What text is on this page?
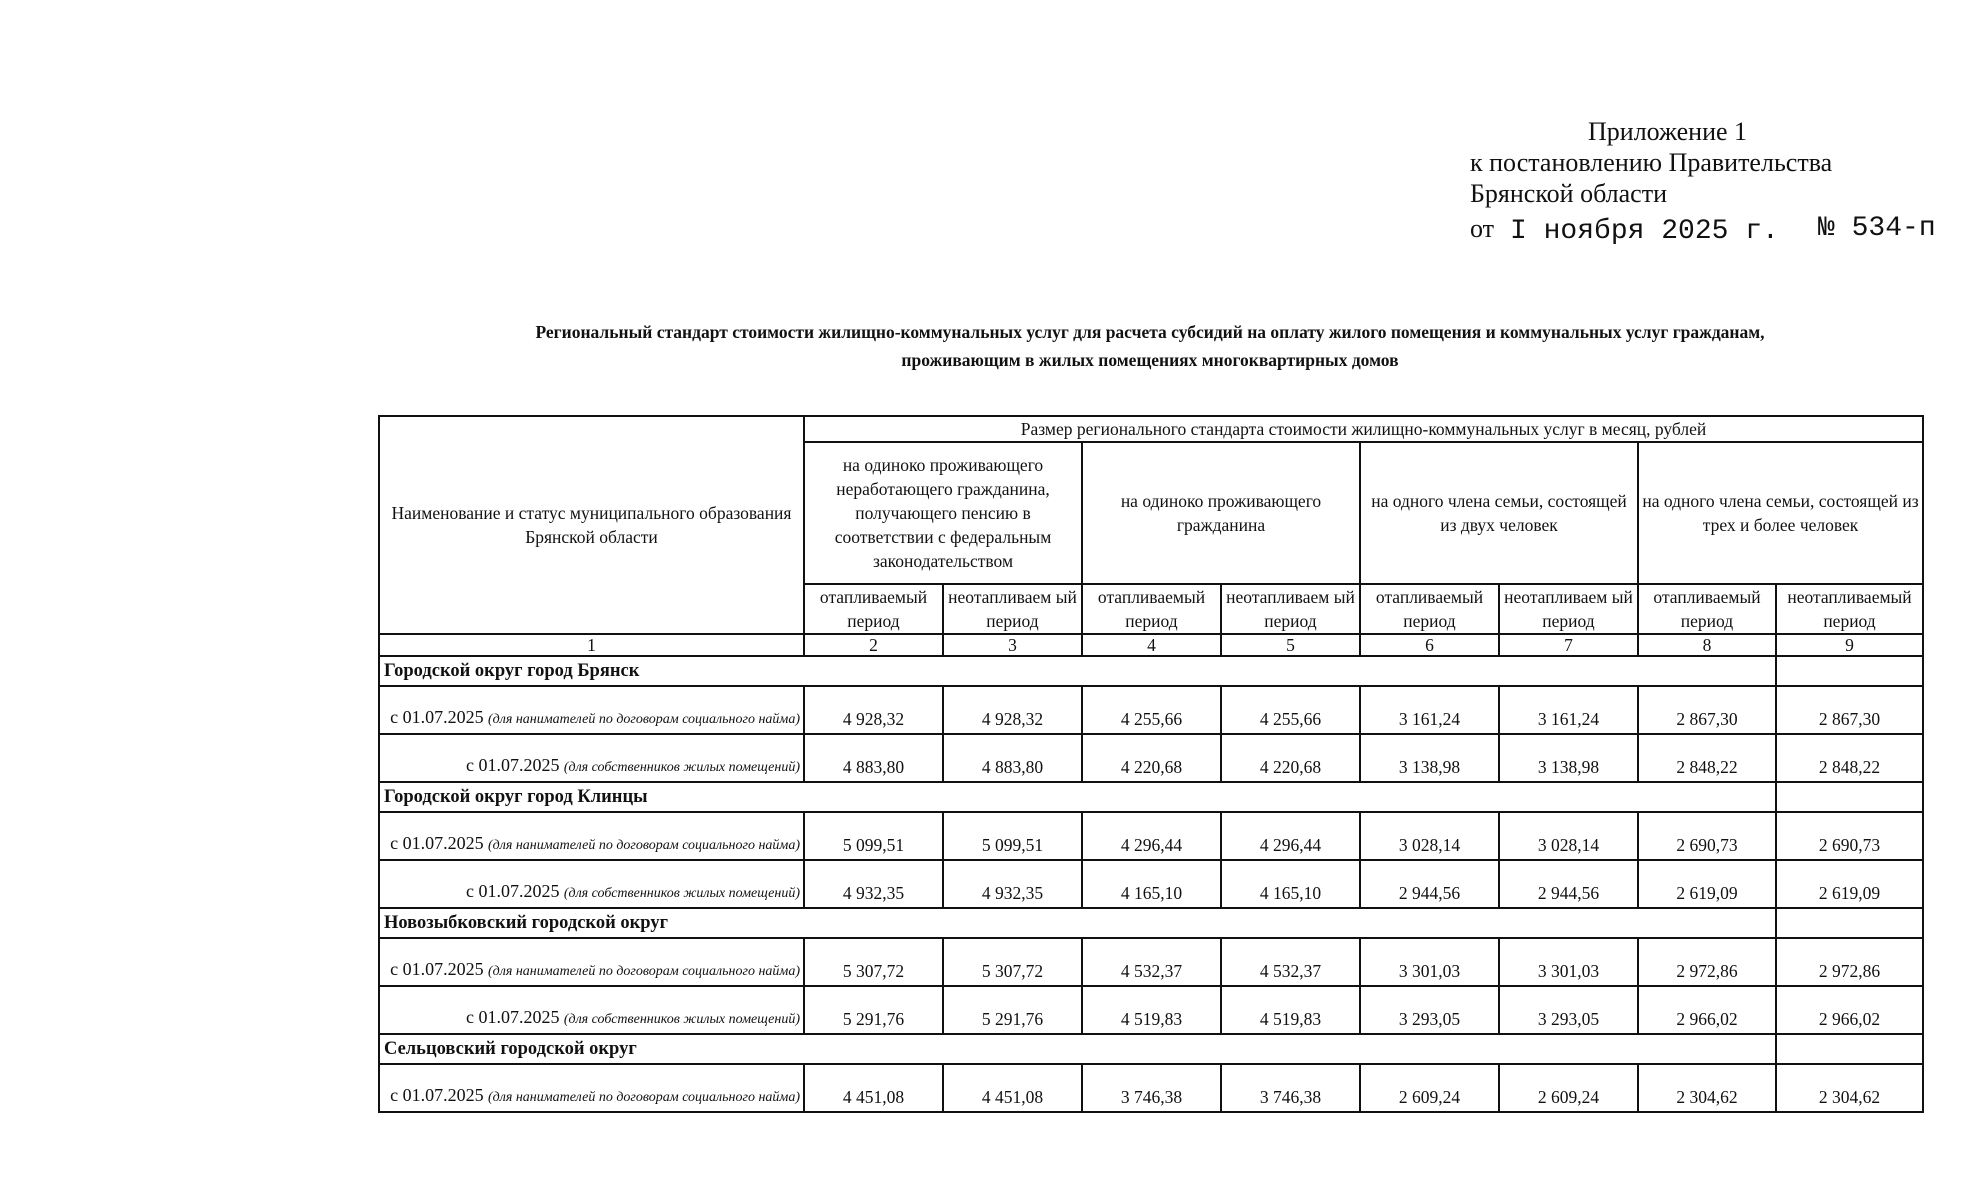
Приложение 1
к постановлению Правительства
Брянской области
от I ноября 2025 г. № 534-п
Региональный стандарт стоимости жилищно-коммунальных услуг для расчета субсидий на оплату жилого помещения и коммунальных услуг гражданам,
проживающим в жилых помещениях многоквартирных домов
Наименование и статус муниципального образования Брянской области	Размер регионального стандарта стоимости жилищно-коммунальных услуг в месяц, рублей							
	на одиноко проживающего неработающего гражданина, получающего пенсию в соответствии с федеральным законодательством		на одиноко проживающего гражданина		на одного члена семьи, состоящей из двух человек		на одного члена семьи, состоящей из трех и более человек	
	отапливаемый период	неотапливаем ый период	отапливаемый период	неотапливаем ый период	отапливаемый период	неотапливаем ый период	отапливаемый период	неотапливаемый период
1	2	3	4	5	6	7	8	9
Городской округ город Брянск								
с 01.07.2025 (для нанимателей по договорам социального найма)	4 928,32	4 928,32	4 255,66	4 255,66	3 161,24	3 161,24	2 867,30	2 867,30
с 01.07.2025 (для собственников жилых помещений)	4 883,80	4 883,80	4 220,68	4 220,68	3 138,98	3 138,98	2 848,22	2 848,22
Городской округ город Клинцы								
с 01.07.2025 (для нанимателей по договорам социального найма)	5 099,51	5 099,51	4 296,44	4 296,44	3 028,14	3 028,14	2 690,73	2 690,73
с 01.07.2025 (для собственников жилых помещений)	4 932,35	4 932,35	4 165,10	4 165,10	2 944,56	2 944,56	2 619,09	2 619,09
Новозыбковский городской округ								
с 01.07.2025 (для нанимателей по договорам социального найма)	5 307,72	5 307,72	4 532,37	4 532,37	3 301,03	3 301,03	2 972,86	2 972,86
с 01.07.2025 (для собственников жилых помещений)	5 291,76	5 291,76	4 519,83	4 519,83	3 293,05	3 293,05	2 966,02	2 966,02
Сельцовский городской округ								
с 01.07.2025 (для нанимателей по договорам социального найма)	4 451,08	4 451,08	3 746,38	3 746,38	2 609,24	2 609,24	2 304,62	2 304,62
